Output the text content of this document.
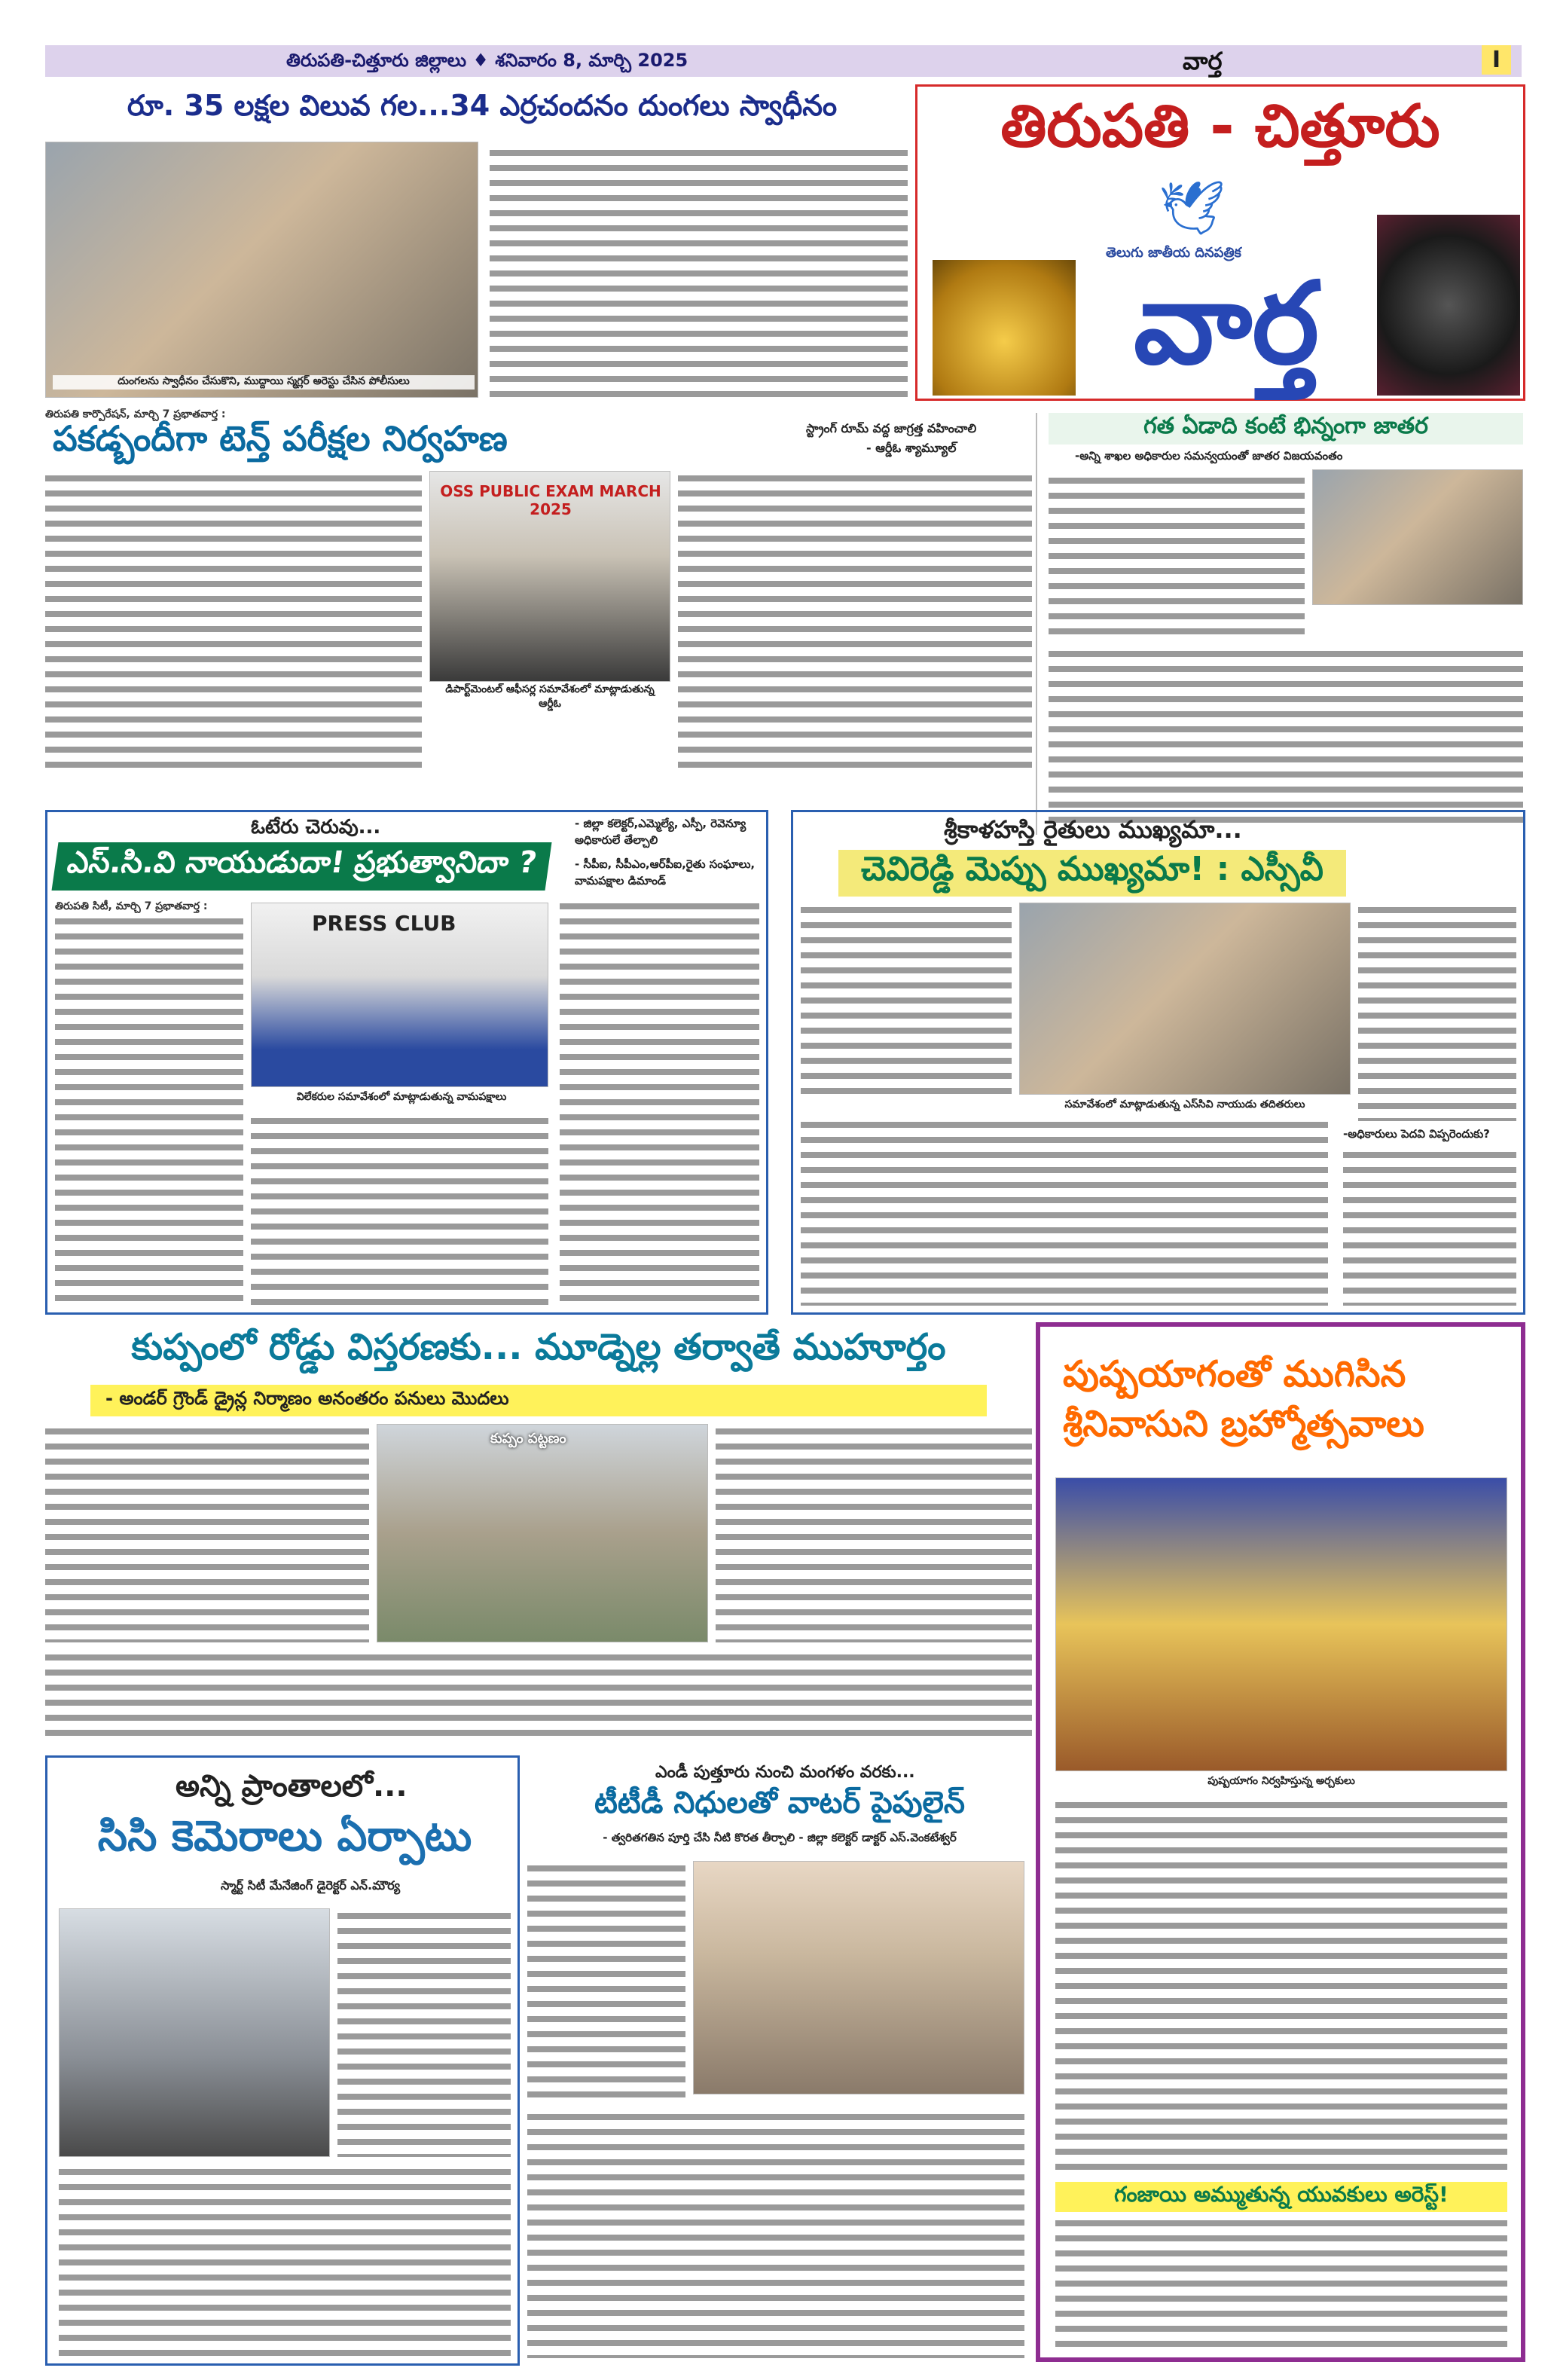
తిరుపతి-చిత్తూరు జిల్లాలు ♦ శనివారం 8, మార్చి 2025	వార్త	I
రూ. 35 లక్షల విలువ గల...34 ఎర్రచందనం దుంగలు స్వాధీనం
దుంగలను స్వాధీనం చేసుకొని, ముద్దాయి స్మగ్లర్ అరెస్టు చేసిన పోలీసులు
తిరుపతి కార్పొరేషన్, మార్చి 7 ప్రభాతవార్త :
తిరుపతి - చిత్తూరు
🕊
తెలుగు జాతీయ దినపత్రిక
వార్త
పకడ్బందీగా టెన్త్ పరీక్షల నిర్వహణ	స్ట్రాంగ్ రూమ్ వద్ద జాగ్రత్త వహించాలి
- ఆర్డీఓ శ్యామ్యూల్
OSS PUBLIC EXAM MARCH 2025
డిపార్ట్‌మెంటల్ ఆఫీసర్ల సమావేశంలో మాట్లాడుతున్న ఆర్డీఓ
గత ఏడాది కంటే భిన్నంగా జాతర
-అన్ని శాఖల అధికారుల సమన్వయంతో జాతర విజయవంతం
ఓటేరు చెరువు...
ఎస్.సి.వి నాయుడుదా! ప్రభుత్వానిదా ?
- జిల్లా కలెక్టర్,ఎమ్మెల్యే, ఎస్పీ, రెవెన్యూ అధికారులే తేల్చాలి
- సీపీఐ, సీపీఎం,ఆర్‌పీఐ,రైతు సంఘాలు, వామపక్షాల డిమాండ్
PRESS CLUB
విలేకరుల సమావేశంలో మాట్లాడుతున్న వామపక్షాలు
తిరుపతి సిటీ, మార్చి 7 ప్రభాతవార్త :
శ్రీకాళహస్తి రైతులు ముఖ్యమా...
చెవిరెడ్డి మెప్పు ముఖ్యమా! : ఎస్సీవీ
సమావేశంలో మాట్లాడుతున్న ఎస్‌సివి నాయుడు తదితరులు
-అధికారులు పెదవి విప్పరెందుకు?
కుప్పంలో రోడ్డు విస్తరణకు... మూడ్నెల్ల తర్వాతే ముహూర్తం
- అండర్ గ్రౌండ్ డ్రైన్ల నిర్మాణం అనంతరం పనులు మొదలు
కుప్పం పట్టణం
పుష్పయాగంతో ముగిసిన శ్రీనివాసుని బ్రహ్మోత్సవాలు
పుష్పయాగం నిర్వహిస్తున్న అర్చకులు
గంజాయి అమ్ముతున్న యువకులు అరెస్ట్!
అన్ని ప్రాంతాలలో...
సిసి కెమెరాలు ఏర్పాటు
స్మార్ట్ సిటీ మేనేజింగ్ డైరెక్టర్ ఎన్.మౌర్య
ఎండీ పుత్తూరు నుంచి మంగళం వరకు...
టీటీడీ నిధులతో వాటర్ పైపులైన్
- త్వరితగతిన పూర్తి చేసి నీటి కొరత తీర్చాలి - జిల్లా కలెక్టర్ డాక్టర్ ఎస్.వెంకటేశ్వర్
